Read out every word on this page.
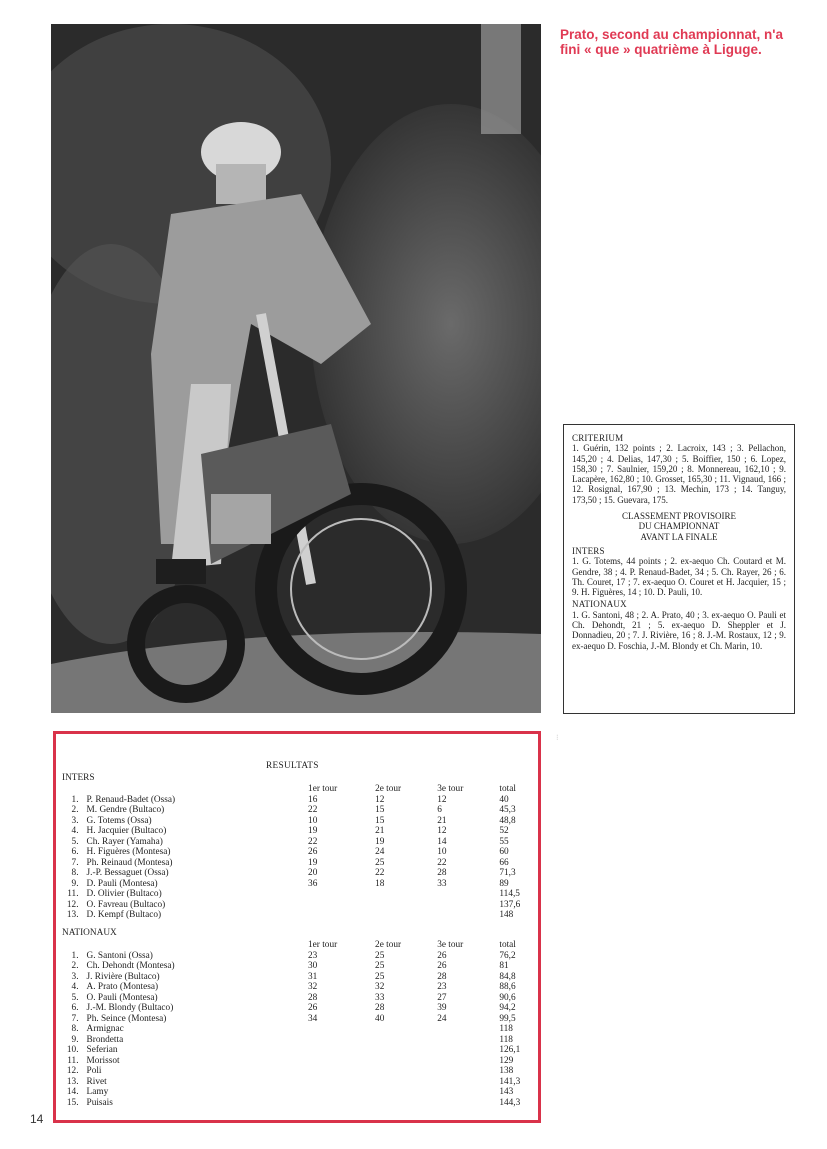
Prato, second au championnat, n'a fini « que » quatrième à Liguge.
CRITERIUM

1. Guérin, 132 points ; 2. Lacroix, 143 ; 3. Pellachon, 145,20 ; 4. Delias, 147,30 ; 5. Boiffier, 150 ; 6. Lopez, 158,30 ; 7. Saulnier, 159,20 ; 8. Monnereau, 162,10 ; 9. Lacapère, 162,80 ; 10. Grosset, 165,30 ; 11. Vignaud, 166 ; 12. Rosignal, 167,90 ; 13. Mechin, 173 ; 14. Tanguy, 173,50 ; 15. Guevara, 175.

CLASSEMENT PROVISOIRE
DU CHAMPIONNAT
AVANT LA FINALE
INTERS

1. G. Totems, 44 points ; 2. ex-aequo Ch. Coutard et M. Gendre, 38 ; 4. P. Renaud-Badet, 34 ; 5. Ch. Rayer, 26 ; 6. Th. Couret, 17 ; 7. ex-aequo O. Couret et H. Jacquier, 15 ; 9. H. Figuères, 14 ; 10. D. Pauli, 10.

NATIONAUX

1. G. Santoni, 48 ; 2. A. Prato, 40 ; 3. ex-aequo O. Pauli et Ch. Dehondt, 21 ; 5. ex-aequo D. Sheppler et J. Donnadieu, 20 ; 7. J. Rivière, 16 ; 8. J.-M. Rostaux, 12 ; 9. ex-aequo D. Foschia, J.-M. Blondy et Ch. Marin, 10.

⁝
RESULTATS
INTERS
		1er tour	2e tour	3e tour	total
1.	P. Renaud-Badet (Ossa)	16	12	12	40
2.	M. Gendre (Bultaco)	22	15	6	45,3
3.	G. Totems (Ossa)	10	15	21	48,8
4.	H. Jacquier (Bultaco)	19	21	12	52
5.	Ch. Rayer (Yamaha)	22	19	14	55
6.	H. Figuères (Montesa)	26	24	10	60
7.	Ph. Reinaud (Montesa)	19	25	22	66
8.	J.-P. Bessaguet (Ossa)	20	22	28	71,3
9.	D. Pauli (Montesa)	36	18	33	89
11.	D. Olivier (Bultaco)				114,5
12.	O. Favreau (Bultaco)				137,6
13.	D. Kempf (Bultaco)				148
NATIONAUX
		1er tour	2e tour	3e tour	total
1.	G. Santoni (Ossa)	23	25	26	76,2
2.	Ch. Dehondt (Montesa)	30	25	26	81
3.	J. Rivière (Bultaco)	31	25	28	84,8
4.	A. Prato (Montesa)	32	32	23	88,6
5.	O. Pauli (Montesa)	28	33	27	90,6
6.	J.-M. Blondy (Bultaco)	26	28	39	94,2
7.	Ph. Seince (Montesa)	34	40	24	99,5
8.	Armignac				118
9.	Brondetta				118
10.	Seferian				126,1
11.	Morissot				129
12.	Poli				138
13.	Rivet				141,3
14.	Lamy				143
15.	Puisais				144,3
14
